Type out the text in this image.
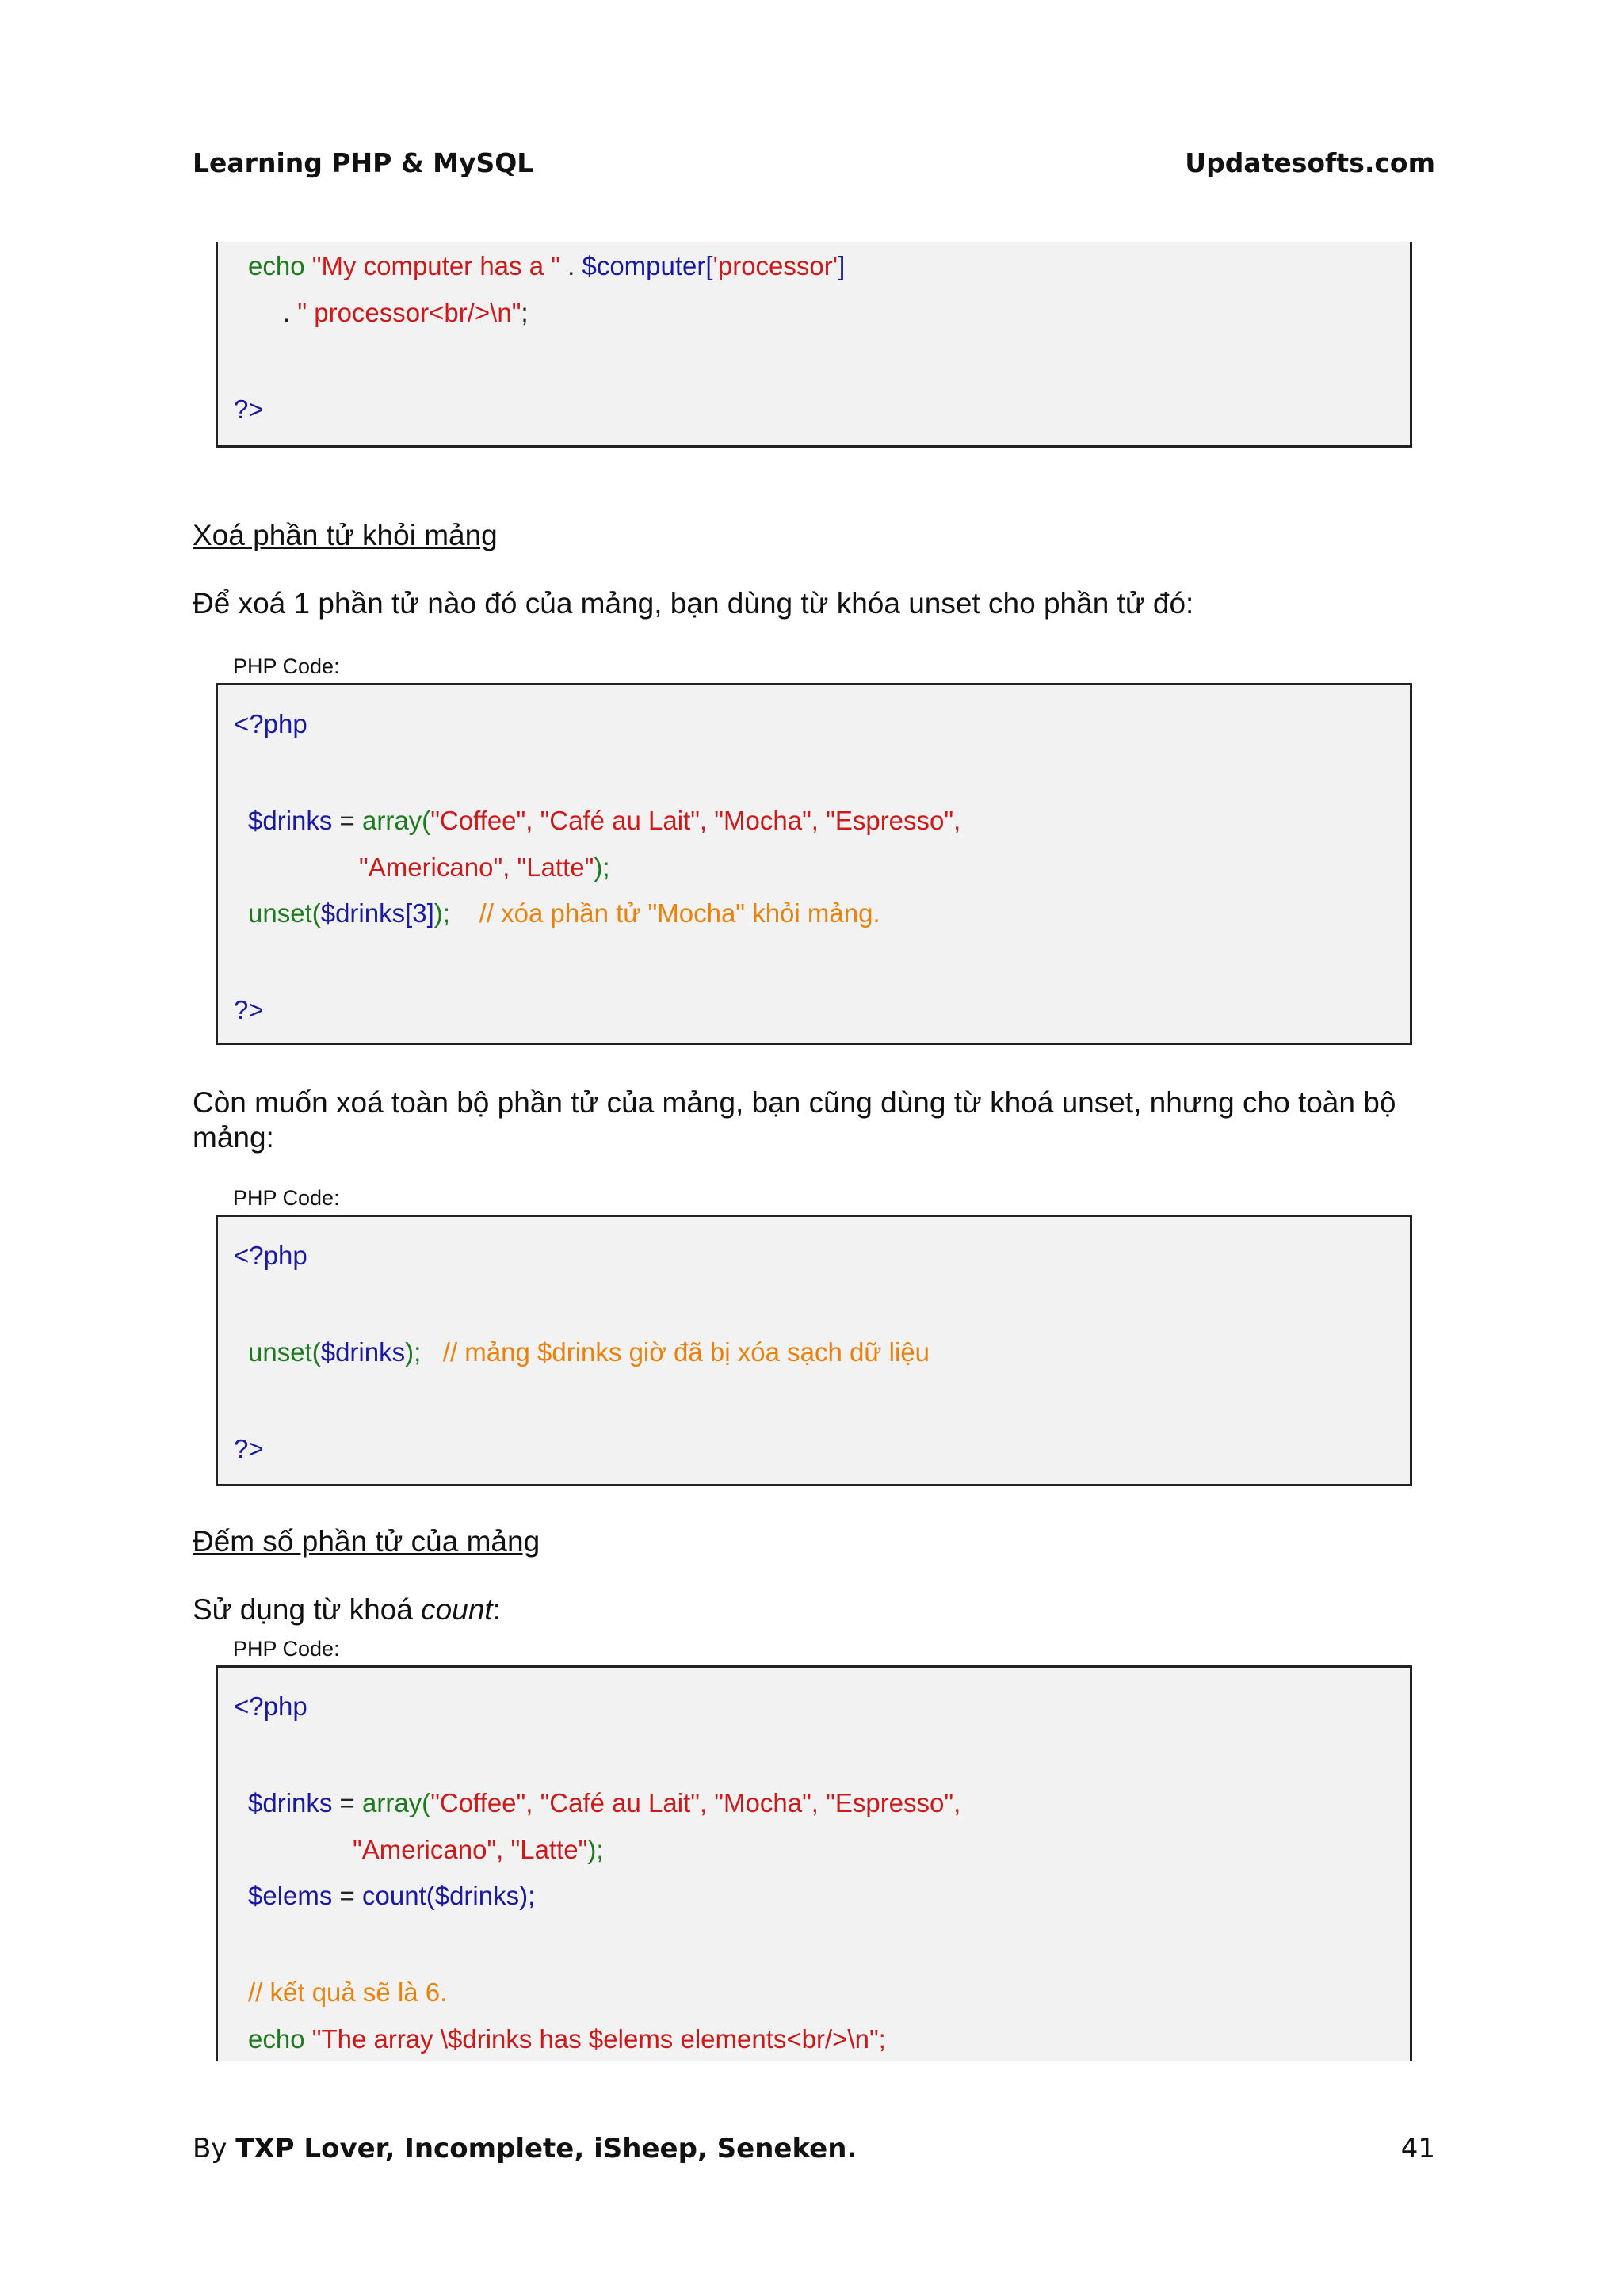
Learning PHP & MySQL	Updatesofts.com
echo "My computer has a " . $computer['processor']
. " processor<br/>\n";
?>
Xoá phần tử khỏi mảng
Để xoá 1 phần tử nào đó của mảng, bạn dùng từ khóa unset cho phần tử đó:
PHP Code:
<?php
$drinks = array("Coffee", "Café au Lait", "Mocha", "Espresso",
"Americano", "Latte");
unset($drinks[3]); // xóa phần tử "Mocha" khỏi mảng.
?>
Còn muốn xoá toàn bộ phần tử của mảng, bạn cũng dùng từ khoá unset, nhưng cho toàn bộ mảng:
PHP Code:
<?php
unset($drinks); // mảng $drinks giờ đã bị xóa sạch dữ liệu
?>
Đếm số phần tử của mảng
Sử dụng từ khoá count:
PHP Code:
<?php
$drinks = array("Coffee", "Café au Lait", "Mocha", "Espresso",
"Americano", "Latte");
$elems = count($drinks);
// kết quả sẽ là 6.
echo "The array \$drinks has $elems elements<br/>\n";
By TXP Lover, Incomplete, iSheep, Seneken.	41
